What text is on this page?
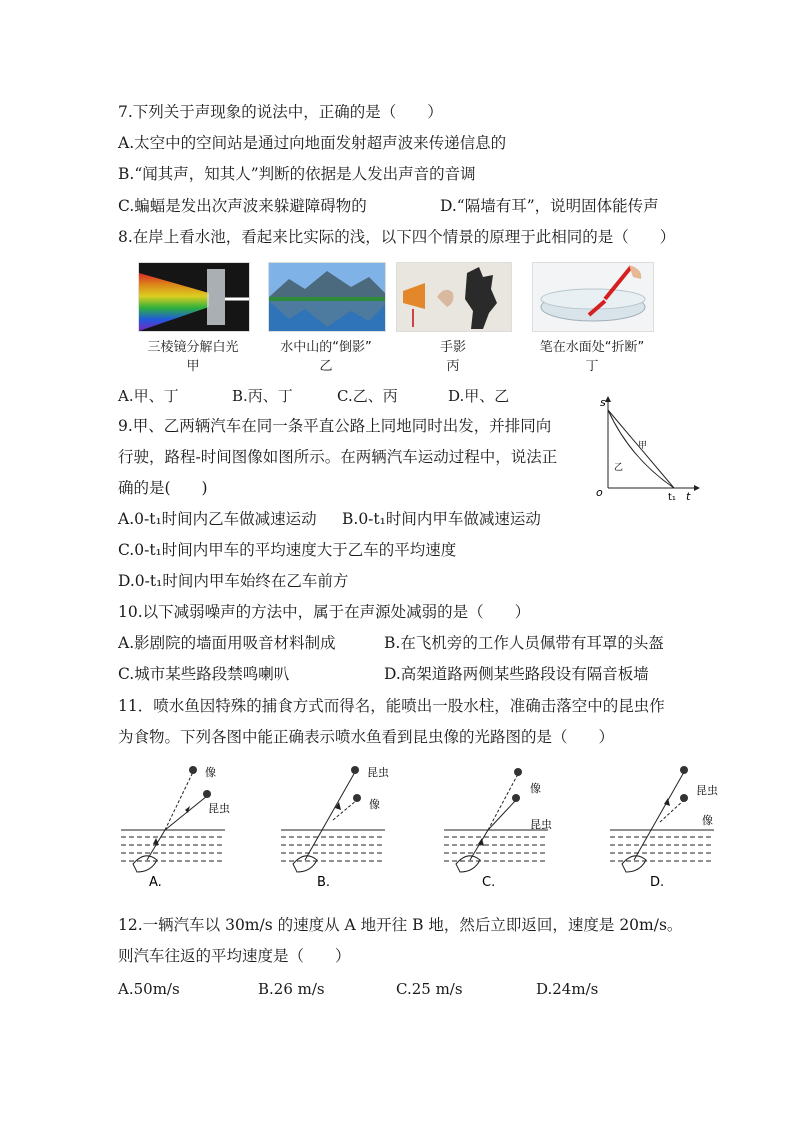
7.下列关于声现象的说法中，正确的是（　　）
A.太空中的空间站是通过向地面发射超声波来传递信息的
B.“闻其声，知其人”判断的依据是人发出声音的音调
C.蝙蝠是发出次声波来躲避障碍物的	D.“隔墙有耳”，说明固体能传声
8.在岸上看水池，看起来比实际的浅，以下四个情景的原理于此相同的是（　　）
三棱镜分解白光
甲
水中山的“倒影”
乙
手影
丙
笔在水面处“折断”
丁
A.甲、丁	B.丙、丁	C.乙、丙	D.甲、乙
9.甲、乙两辆汽车在同一条平直公路上同地同时出发，并排同向
行驶，路程-时间图像如图所示。在两辆汽车运动过程中，说法正
确的是(　　)
s
t
o	t₁
甲
乙
A.0-t₁时间内乙车做减速运动 B.0-t₁时间内甲车做减速运动
C.0-t₁时间内甲车的平均速度大于乙车的平均速度
D.0-t₁时间内甲车始终在乙车前方
10.以下减弱噪声的方法中，属于在声源处减弱的是（　　）
A.影剧院的墙面用吸音材料制成	B.在飞机旁的工作人员佩带有耳罩的头盔
C.城市某些路段禁鸣喇叭	D.高架道路两侧某些路段设有隔音板墙
11．喷水鱼因特殊的捕食方式而得名，能喷出一股水柱，准确击落空中的昆虫作
为食物。下列各图中能正确表示喷水鱼看到昆虫像的光路图的是（　　）
像
昆虫
A.
昆虫
像
B.
像
昆虫
C.
昆虫
像
D.
12.一辆汽车以 30m/s 的速度从 A 地开往 B 地，然后立即返回，速度是 20m/s。
则汽车往返的平均速度是（　　）
A.50m/s	B.26 m/s	C.25 m/s	D.24m/s
